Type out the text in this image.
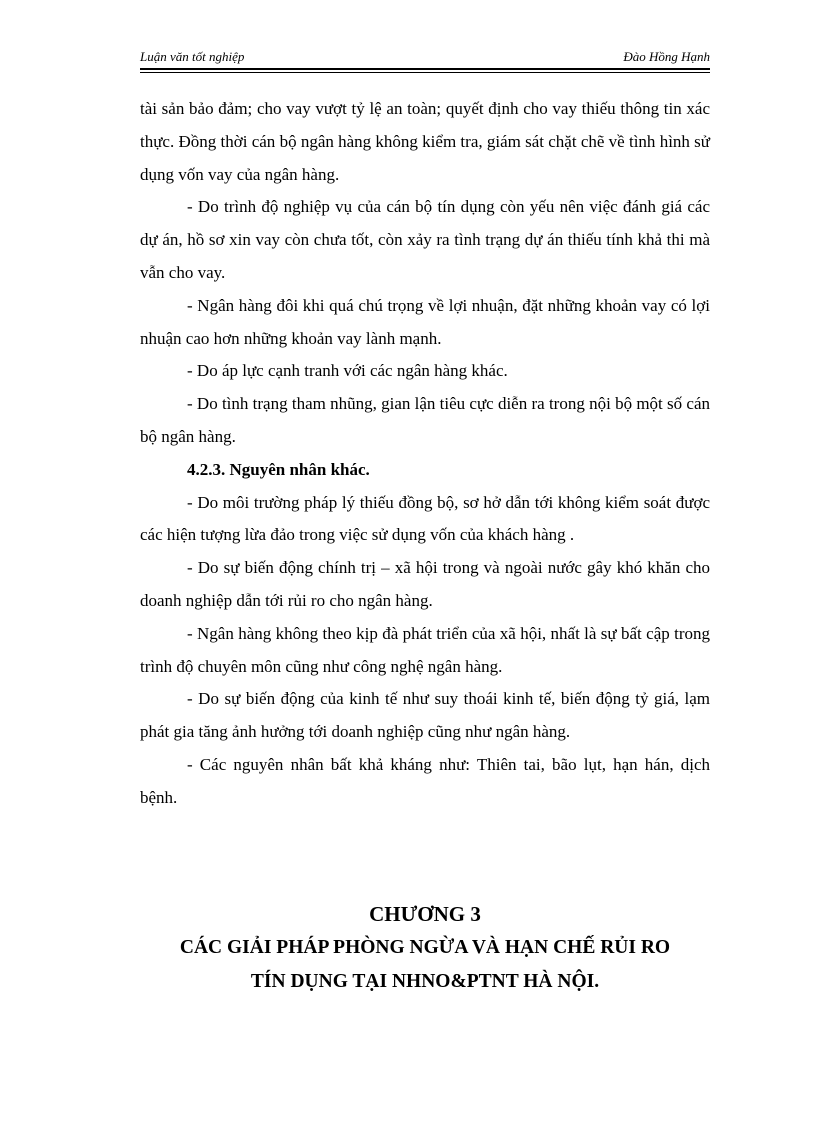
Luận văn tốt nghiệp	Đào Hồng Hạnh

tài sản bảo đảm; cho vay vượt tỷ lệ an toàn; quyết định cho vay thiếu thông tin xác thực. Đồng thời cán bộ ngân hàng không kiểm tra, giám sát chặt chẽ về tình hình sử dụng vốn vay của ngân hàng.

- Do trình độ nghiệp vụ của cán bộ tín dụng còn yếu nên việc đánh giá các dự án, hồ sơ xin vay còn chưa tốt, còn xảy ra tình trạng dự án thiếu tính khả thi mà vẫn cho vay.

- Ngân hàng đôi khi quá chú trọng về lợi nhuận, đặt những khoản vay có lợi nhuận cao hơn những khoản vay lành mạnh.

- Do áp lực cạnh tranh với các ngân hàng khác.

- Do tình trạng tham nhũng, gian lận tiêu cực diễn ra trong nội bộ một số cán bộ ngân hàng.

4.2.3. Nguyên nhân khác.

- Do môi trường pháp lý thiếu đồng bộ, sơ hở dẫn tới không kiểm soát được các hiện tượng lừa đảo trong việc sử dụng vốn của khách hàng .

- Do sự biến động chính trị – xã hội trong và ngoài nước gây khó khăn cho doanh nghiệp dẫn tới rủi ro cho ngân hàng.

- Ngân hàng không theo kịp đà phát triển của xã hội, nhất là sự bất cập trong trình độ chuyên môn cũng như công nghệ ngân hàng.

- Do sự biến động của kinh tế như suy thoái kinh tế, biến động tỷ giá, lạm phát gia tăng ảnh hưởng tới doanh nghiệp cũng như ngân hàng.

- Các nguyên nhân bất khả kháng như: Thiên tai, bão lụt, hạn hán, dịch bệnh.

CHƯƠNG 3
CÁC GIẢI PHÁP PHÒNG NGỪA VÀ HẠN CHẾ RỦI RO
TÍN DỤNG TẠI NHNO&PTNT HÀ NỘI.
